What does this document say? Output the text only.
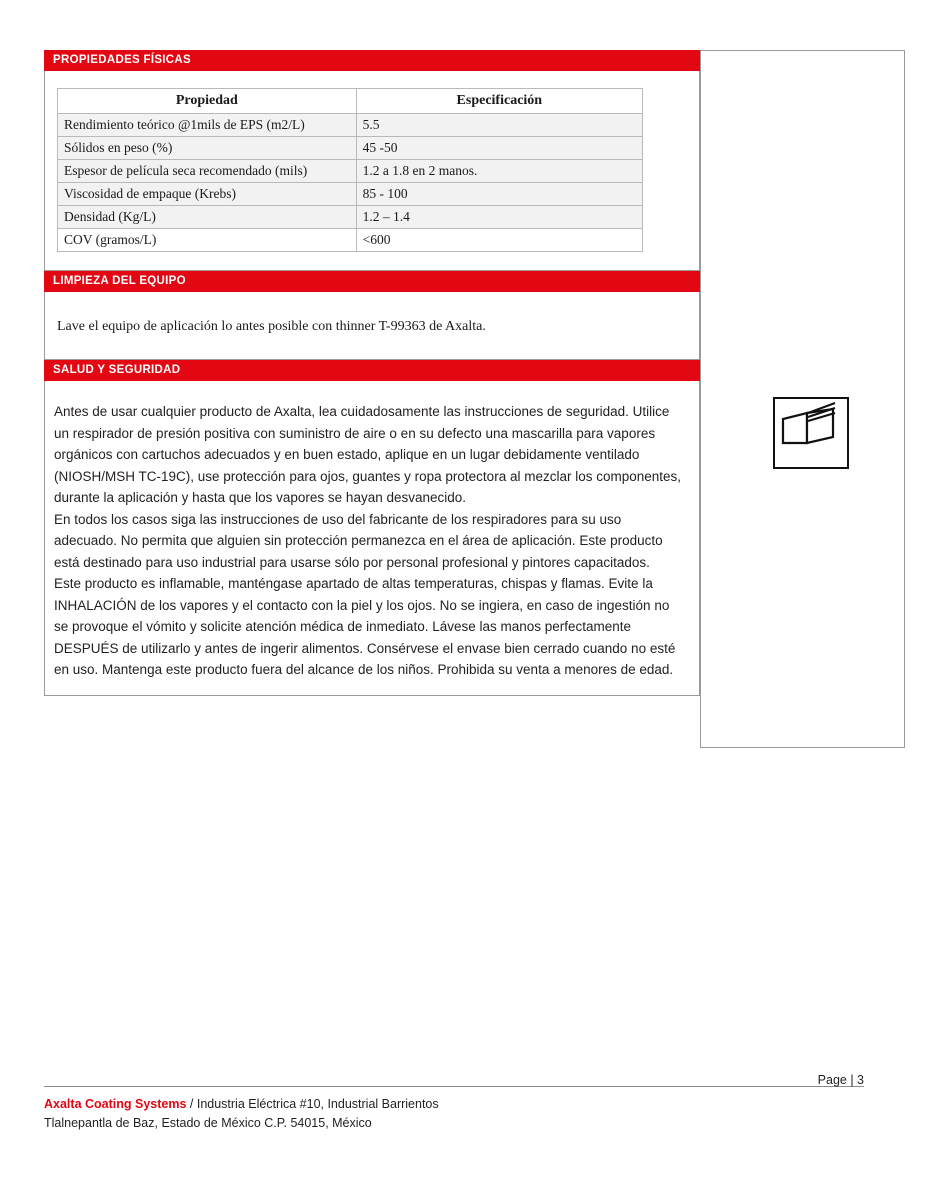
PROPIEDADES FÍSICAS
Propiedad	Especificación
Rendimiento teórico @1mils de EPS (m2/L)	5.5
Sólidos en peso (%)	45 -50
Espesor de película seca recomendado (mils)	1.2 a 1.8 en 2 manos.
Viscosidad de empaque (Krebs)	85 - 100
Densidad (Kg/L)	1.2 – 1.4
COV (gramos/L)	<600
LIMPIEZA DEL EQUIPO
Lave el equipo de aplicación lo antes posible con thinner T-99363 de Axalta.
SALUD Y SEGURIDAD

Antes de usar cualquier producto de Axalta, lea cuidadosamente las instrucciones de seguridad. Utilice un respirador de presión positiva con suministro de aire o en su defecto una mascarilla para vapores orgánicos con cartuchos adecuados y en buen estado, aplique en un lugar debidamente ventilado (NIOSH/MSH TC-19C), use protección para ojos, guantes y ropa protectora al mezclar los componentes, durante la aplicación y hasta que los vapores se hayan desvanecido.

En todos los casos siga las instrucciones de uso del fabricante de los respiradores para su uso adecuado. No permita que alguien sin protección permanezca en el área de aplicación. Este producto está destinado para uso industrial para usarse sólo por personal profesional y pintores capacitados.

Este producto es inflamable, manténgase apartado de altas temperaturas, chispas y flamas. Evite la INHALACIÓN de los vapores y el contacto con la piel y los ojos. No se ingiera, en caso de ingestión no se provoque el vómito y solicite atención médica de inmediato. Lávese las manos perfectamente DESPUÉS de utilizarlo y antes de ingerir alimentos. Consérvese el envase bien cerrado cuando no esté en uso. Mantenga este producto fuera del alcance de los niños. Prohibida su venta a menores de edad.

Page | 3
Axalta Coating Systems / Industria Eléctrica #10, Industrial Barrientos
Tlalnepantla de Baz, Estado de México C.P. 54015, México
